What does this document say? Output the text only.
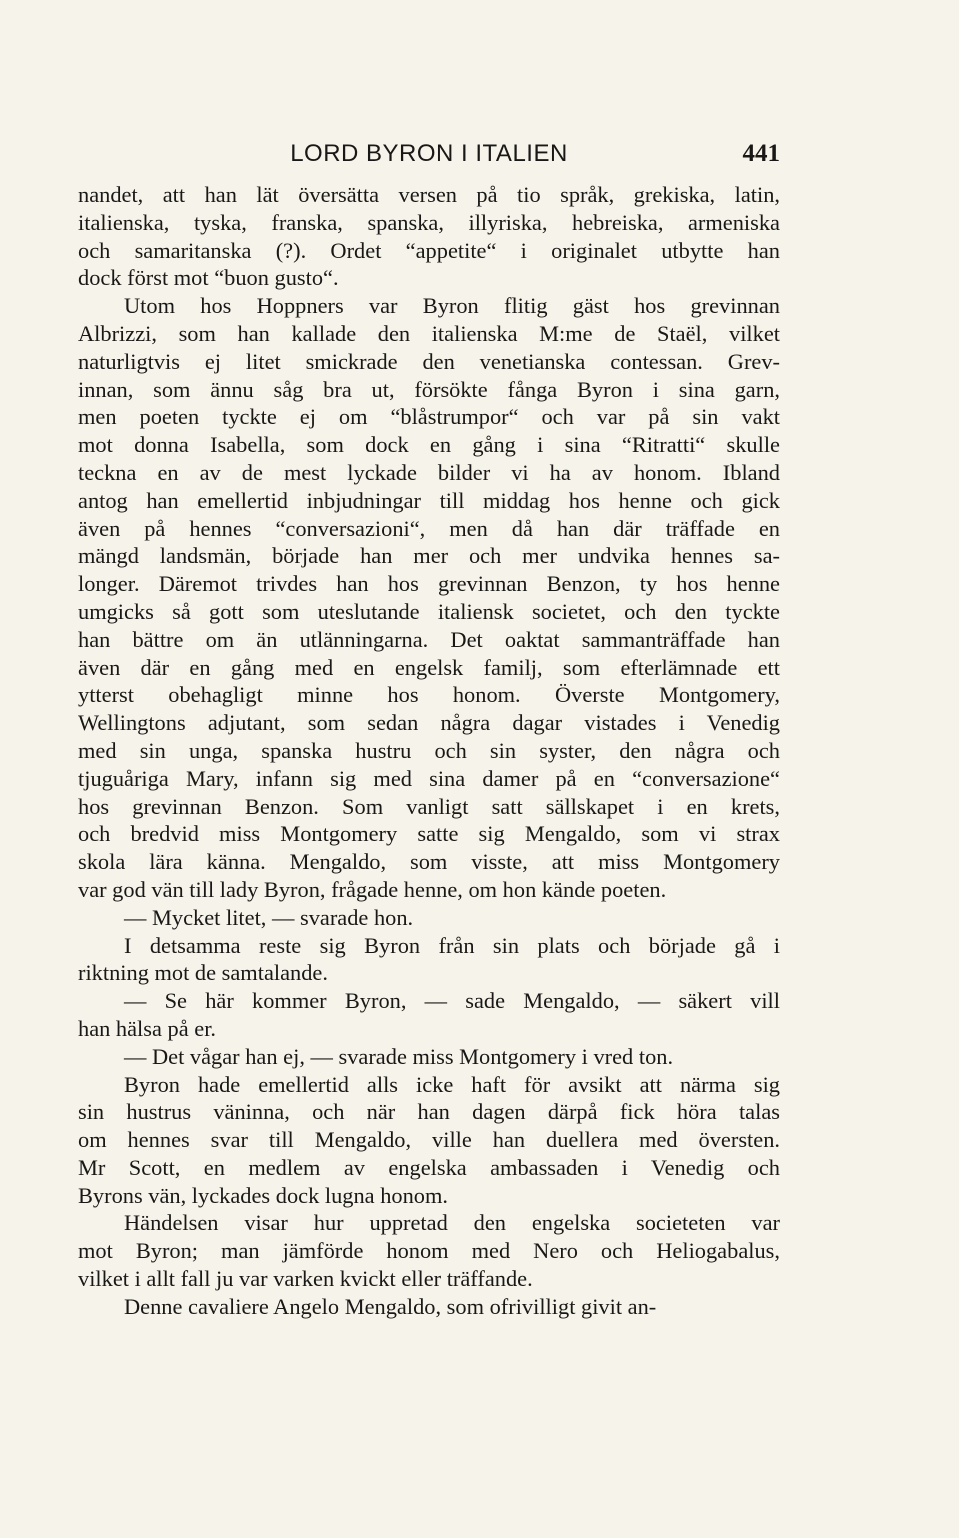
LORD BYRON I ITALIEN	441
nandet, att han lät översätta versen på tio språk, grekiska, latin,
italienska, tyska, franska, spanska, illyriska, hebreiska, armeniska
och samaritanska (?). Ordet “appetite“ i originalet utbytte han
dock först mot “buon gusto“.
Utom hos Hoppners var Byron flitig gäst hos grevinnan
Albrizzi, som han kallade den italienska M:me de Staël, vilket
naturligtvis ej litet smickrade den venetianska contessan. Grev-
innan, som ännu såg bra ut, försökte fånga Byron i sina garn,
men poeten tyckte ej om “blåstrumpor“ och var på sin vakt
mot donna Isabella, som dock en gång i sina “Ritratti“ skulle
teckna en av de mest lyckade bilder vi ha av honom. Ibland
antog han emellertid inbjudningar till middag hos henne och gick
även på hennes “conversazioni“, men då han där träffade en
mängd landsmän, började han mer och mer undvika hennes sa-
longer. Däremot trivdes han hos grevinnan Benzon, ty hos henne
umgicks så gott som uteslutande italiensk societet, och den tyckte
han bättre om än utlänningarna. Det oaktat sammanträffade han
även där en gång med en engelsk familj, som efterlämnade ett
ytterst obehagligt minne hos honom. Överste Montgomery,
Wellingtons adjutant, som sedan några dagar vistades i Venedig
med sin unga, spanska hustru och sin syster, den några och
tjuguåriga Mary, infann sig med sina damer på en “conversazione“
hos grevinnan Benzon. Som vanligt satt sällskapet i en krets,
och bredvid miss Montgomery satte sig Mengaldo, som vi strax
skola lära känna. Mengaldo, som visste, att miss Montgomery
var god vän till lady Byron, frågade henne, om hon kände poeten.
— Mycket litet, — svarade hon.
I detsamma reste sig Byron från sin plats och började gå i
riktning mot de samtalande.
— Se här kommer Byron, — sade Mengaldo, — säkert vill
han hälsa på er.
— Det vågar han ej, — svarade miss Montgomery i vred ton.
Byron hade emellertid alls icke haft för avsikt att närma sig
sin hustrus väninna, och när han dagen därpå fick höra talas
om hennes svar till Mengaldo, ville han duellera med översten.
Mr Scott, en medlem av engelska ambassaden i Venedig och
Byrons vän, lyckades dock lugna honom.
Händelsen visar hur uppretad den engelska societeten var
mot Byron; man jämförde honom med Nero och Heliogabalus,
vilket i allt fall ju var varken kvickt eller träffande.
Denne cavaliere Angelo Mengaldo, som ofrivilligt givit an-
